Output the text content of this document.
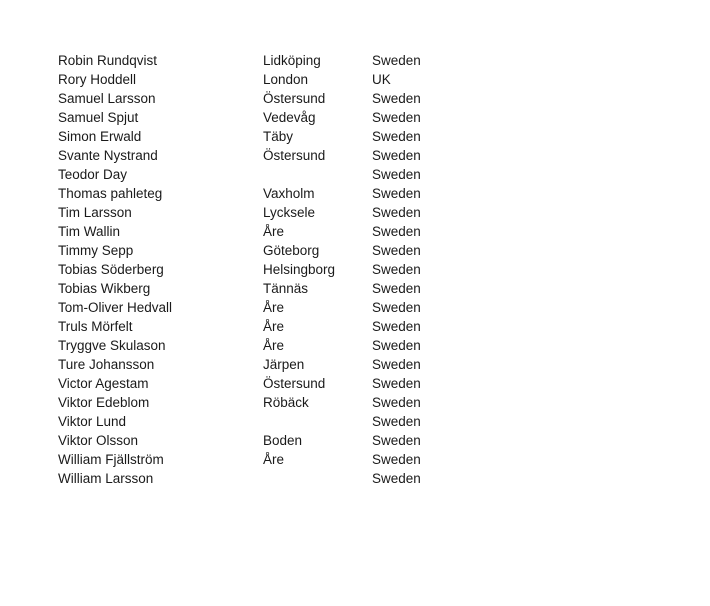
Robin Rundqvist	Lidköping	Sweden
Rory Hoddell	London	UK
Samuel Larsson	Östersund	Sweden
Samuel Spjut	Vedevåg	Sweden
Simon Erwald	Täby	Sweden
Svante Nystrand	Östersund	Sweden
Teodor Day		Sweden
Thomas pahleteg	Vaxholm	Sweden
Tim Larsson	Lycksele	Sweden
Tim Wallin	Åre	Sweden
Timmy Sepp	Göteborg	Sweden
Tobias Söderberg	Helsingborg	Sweden
Tobias Wikberg	Tännäs	Sweden
Tom-Oliver Hedvall	Åre	Sweden
Truls Mörfelt	Åre	Sweden
Tryggve Skulason	Åre	Sweden
Ture Johansson	Järpen	Sweden
Victor Agestam	Östersund	Sweden
Viktor Edeblom	Röbäck	Sweden
Viktor Lund		Sweden
Viktor Olsson	Boden	Sweden
William Fjällström	Åre	Sweden
William Larsson		Sweden
